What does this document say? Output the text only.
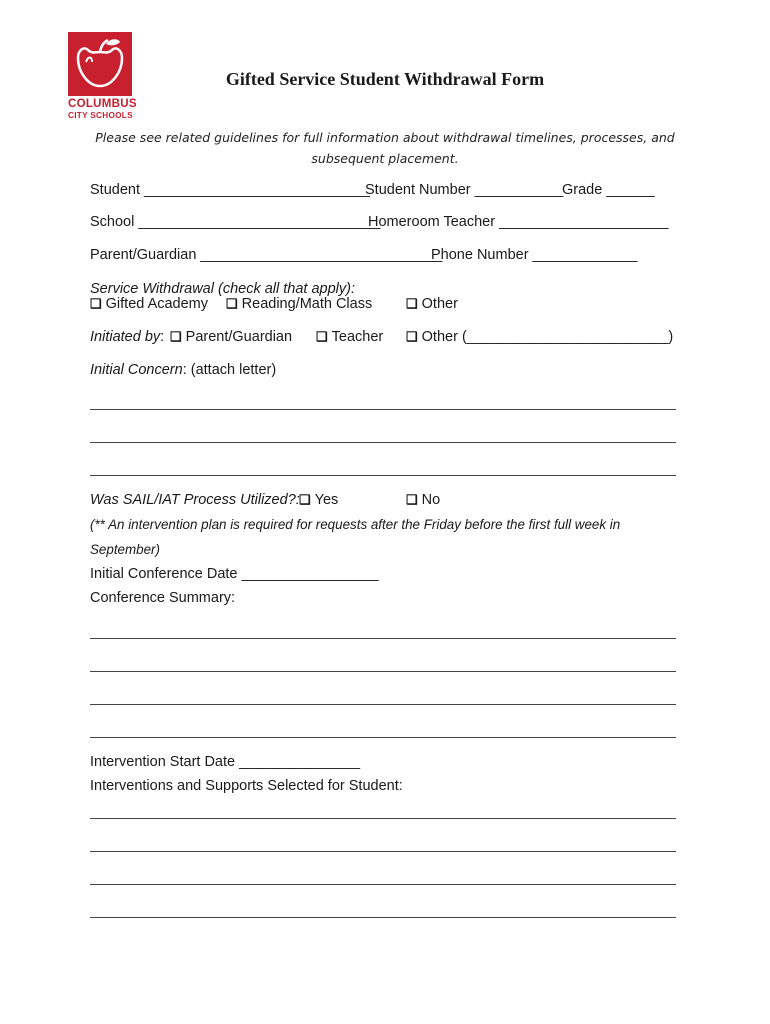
COLUMBUS
CITY SCHOOLS
Gifted Service Student Withdrawal Form
Please see related guidelines for full information about withdrawal timelines, processes, and subsequent placement.
Student ____________________________
Student Number ___________
Grade ______
School ______________________________
Homeroom Teacher _____________________
Parent/Guardian ______________________________
Phone Number _____________
Service Withdrawal (check all that apply):
❑ Gifted Academy ❑ Reading/Math Class	❑ Other
Initiated by: ❑ Parent/Guardian ❑ Teacher ❑ Other (_________________________)
Initial Concern: (attach letter)
Was SAIL/IAT Process Utilized?: ❑ Yes	❑ No
(** An intervention plan is required for requests after the Friday before the first full week in
September)
Initial Conference Date _________________
Conference Summary:
Intervention Start Date _______________
Interventions and Supports Selected for Student:
